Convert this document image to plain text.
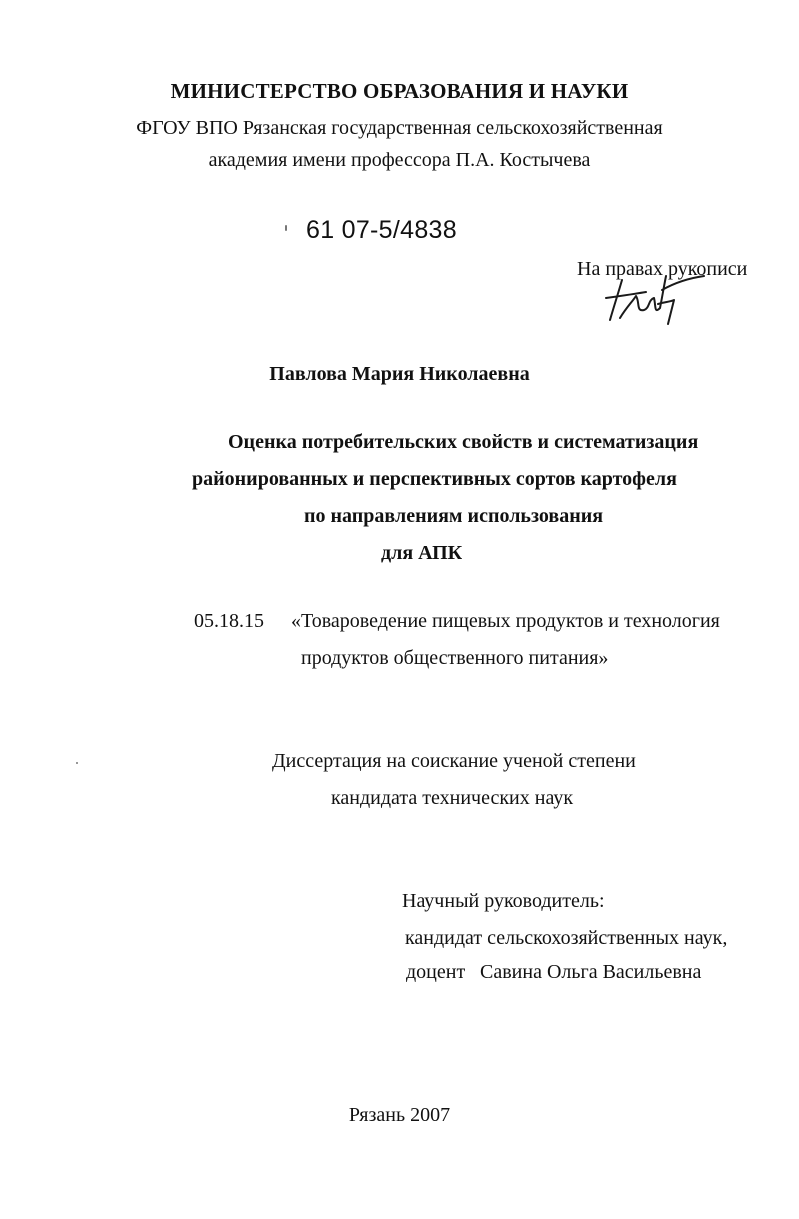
МИНИСТЕРСТВО ОБРАЗОВАНИЯ И НАУКИ
ФГОУ ВПО Рязанская государственная сельскохозяйственная
академия имени профессора П.А. Костычева
61 07-5/4838
На правах рукописи
Павлова Мария Николаевна
Оценка потребительских свойств и систематизация
районированных и перспективных сортов картофеля
по направлениям использования
для АПК
05.18.15 «Товароведение пищевых продуктов и технология
продуктов общественного питания»
Диссертация на соискание ученой степени
кандидата технических наук
Научный руководитель:
кандидат сельскохозяйственных наук,
доцент Савина Ольга Васильевна
Рязань 2007
